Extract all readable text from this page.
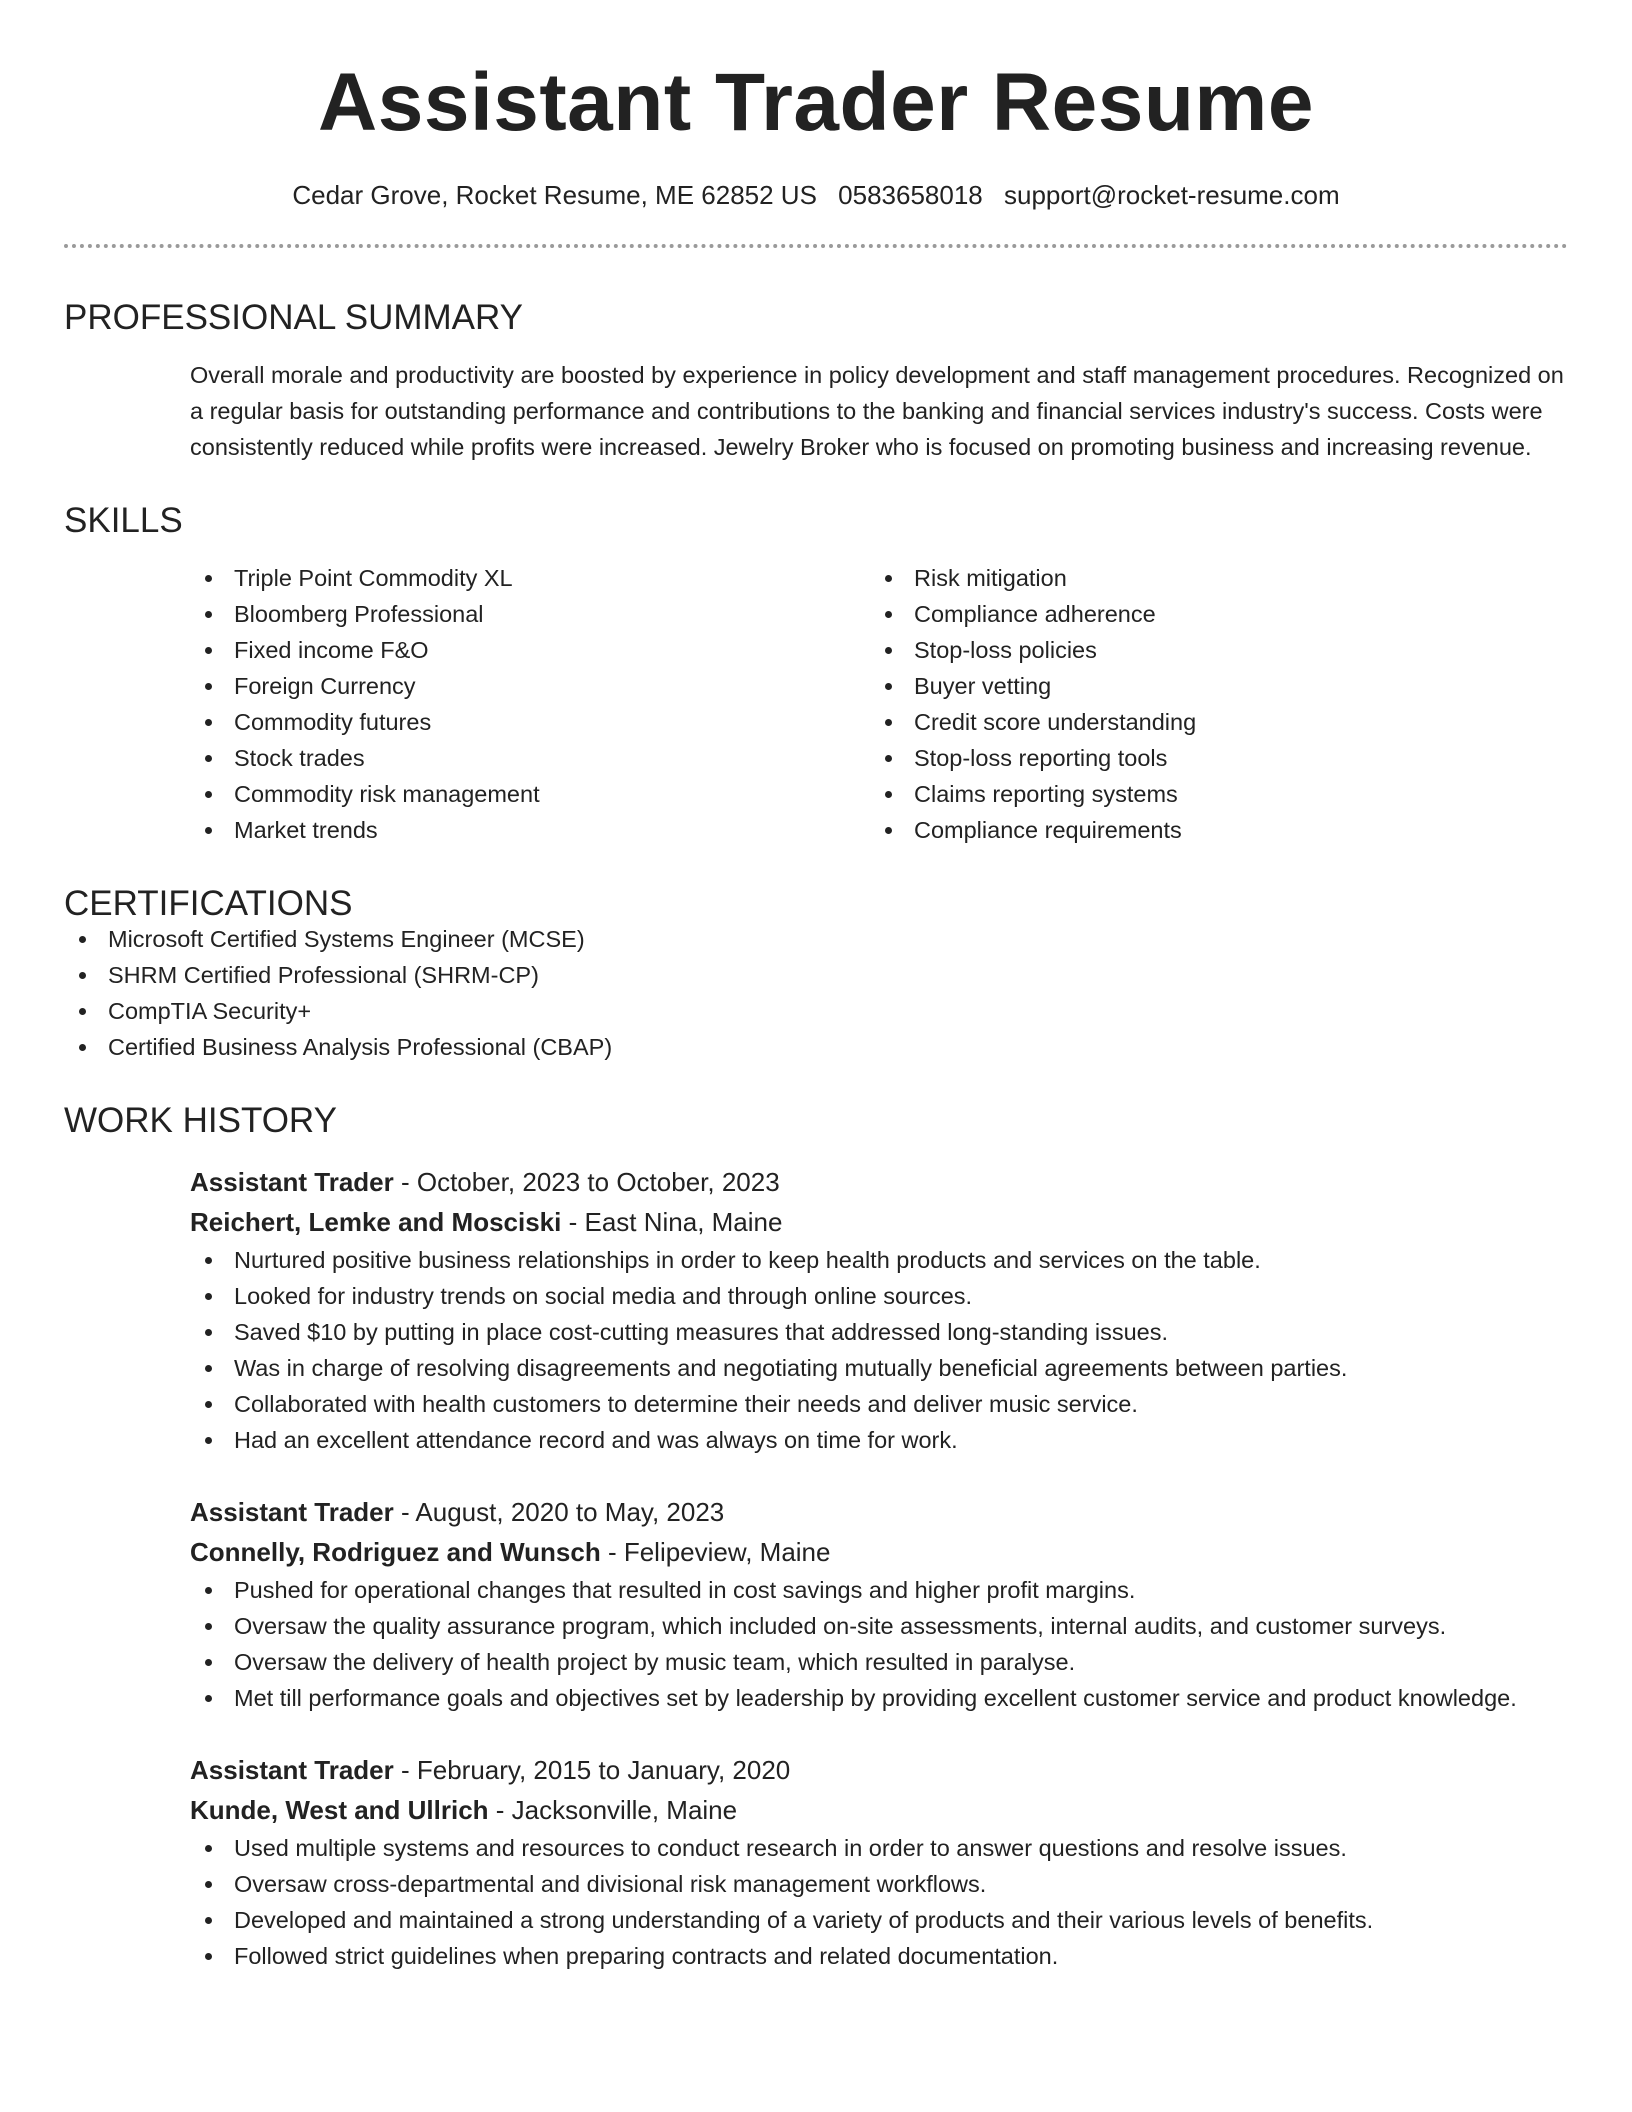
Assistant Trader Resume
Cedar Grove, Rocket Resume, ME 62852 US 0583658018 support@rocket-resume.com
PROFESSIONAL SUMMARY
Overall morale and productivity are boosted by experience in policy development and staff management procedures. Recognized on a regular basis for outstanding performance and contributions to the banking and financial services industry's success. Costs were consistently reduced while profits were increased. Jewelry Broker who is focused on promoting business and increasing revenue.
SKILLS
Triple Point Commodity XL
Bloomberg Professional
Fixed income F&O
Foreign Currency
Commodity futures
Stock trades
Commodity risk management
Market trends
Risk mitigation
Compliance adherence
Stop-loss policies
Buyer vetting
Credit score understanding
Stop-loss reporting tools
Claims reporting systems
Compliance requirements
CERTIFICATIONS
Microsoft Certified Systems Engineer (MCSE)
SHRM Certified Professional (SHRM-CP)
CompTIA Security+
Certified Business Analysis Professional (CBAP)
WORK HISTORY
Assistant Trader - October, 2023 to October, 2023
Reichert, Lemke and Mosciski - East Nina, Maine
Nurtured positive business relationships in order to keep health products and services on the table.
Looked for industry trends on social media and through online sources.
Saved $10 by putting in place cost-cutting measures that addressed long-standing issues.
Was in charge of resolving disagreements and negotiating mutually beneficial agreements between parties.
Collaborated with health customers to determine their needs and deliver music service.
Had an excellent attendance record and was always on time for work.
Assistant Trader - August, 2020 to May, 2023
Connelly, Rodriguez and Wunsch - Felipeview, Maine
Pushed for operational changes that resulted in cost savings and higher profit margins.
Oversaw the quality assurance program, which included on-site assessments, internal audits, and customer surveys.
Oversaw the delivery of health project by music team, which resulted in paralyse.
Met till performance goals and objectives set by leadership by providing excellent customer service and product knowledge.
Assistant Trader - February, 2015 to January, 2020
Kunde, West and Ullrich - Jacksonville, Maine
Used multiple systems and resources to conduct research in order to answer questions and resolve issues.
Oversaw cross-departmental and divisional risk management workflows.
Developed and maintained a strong understanding of a variety of products and their various levels of benefits.
Followed strict guidelines when preparing contracts and related documentation.
